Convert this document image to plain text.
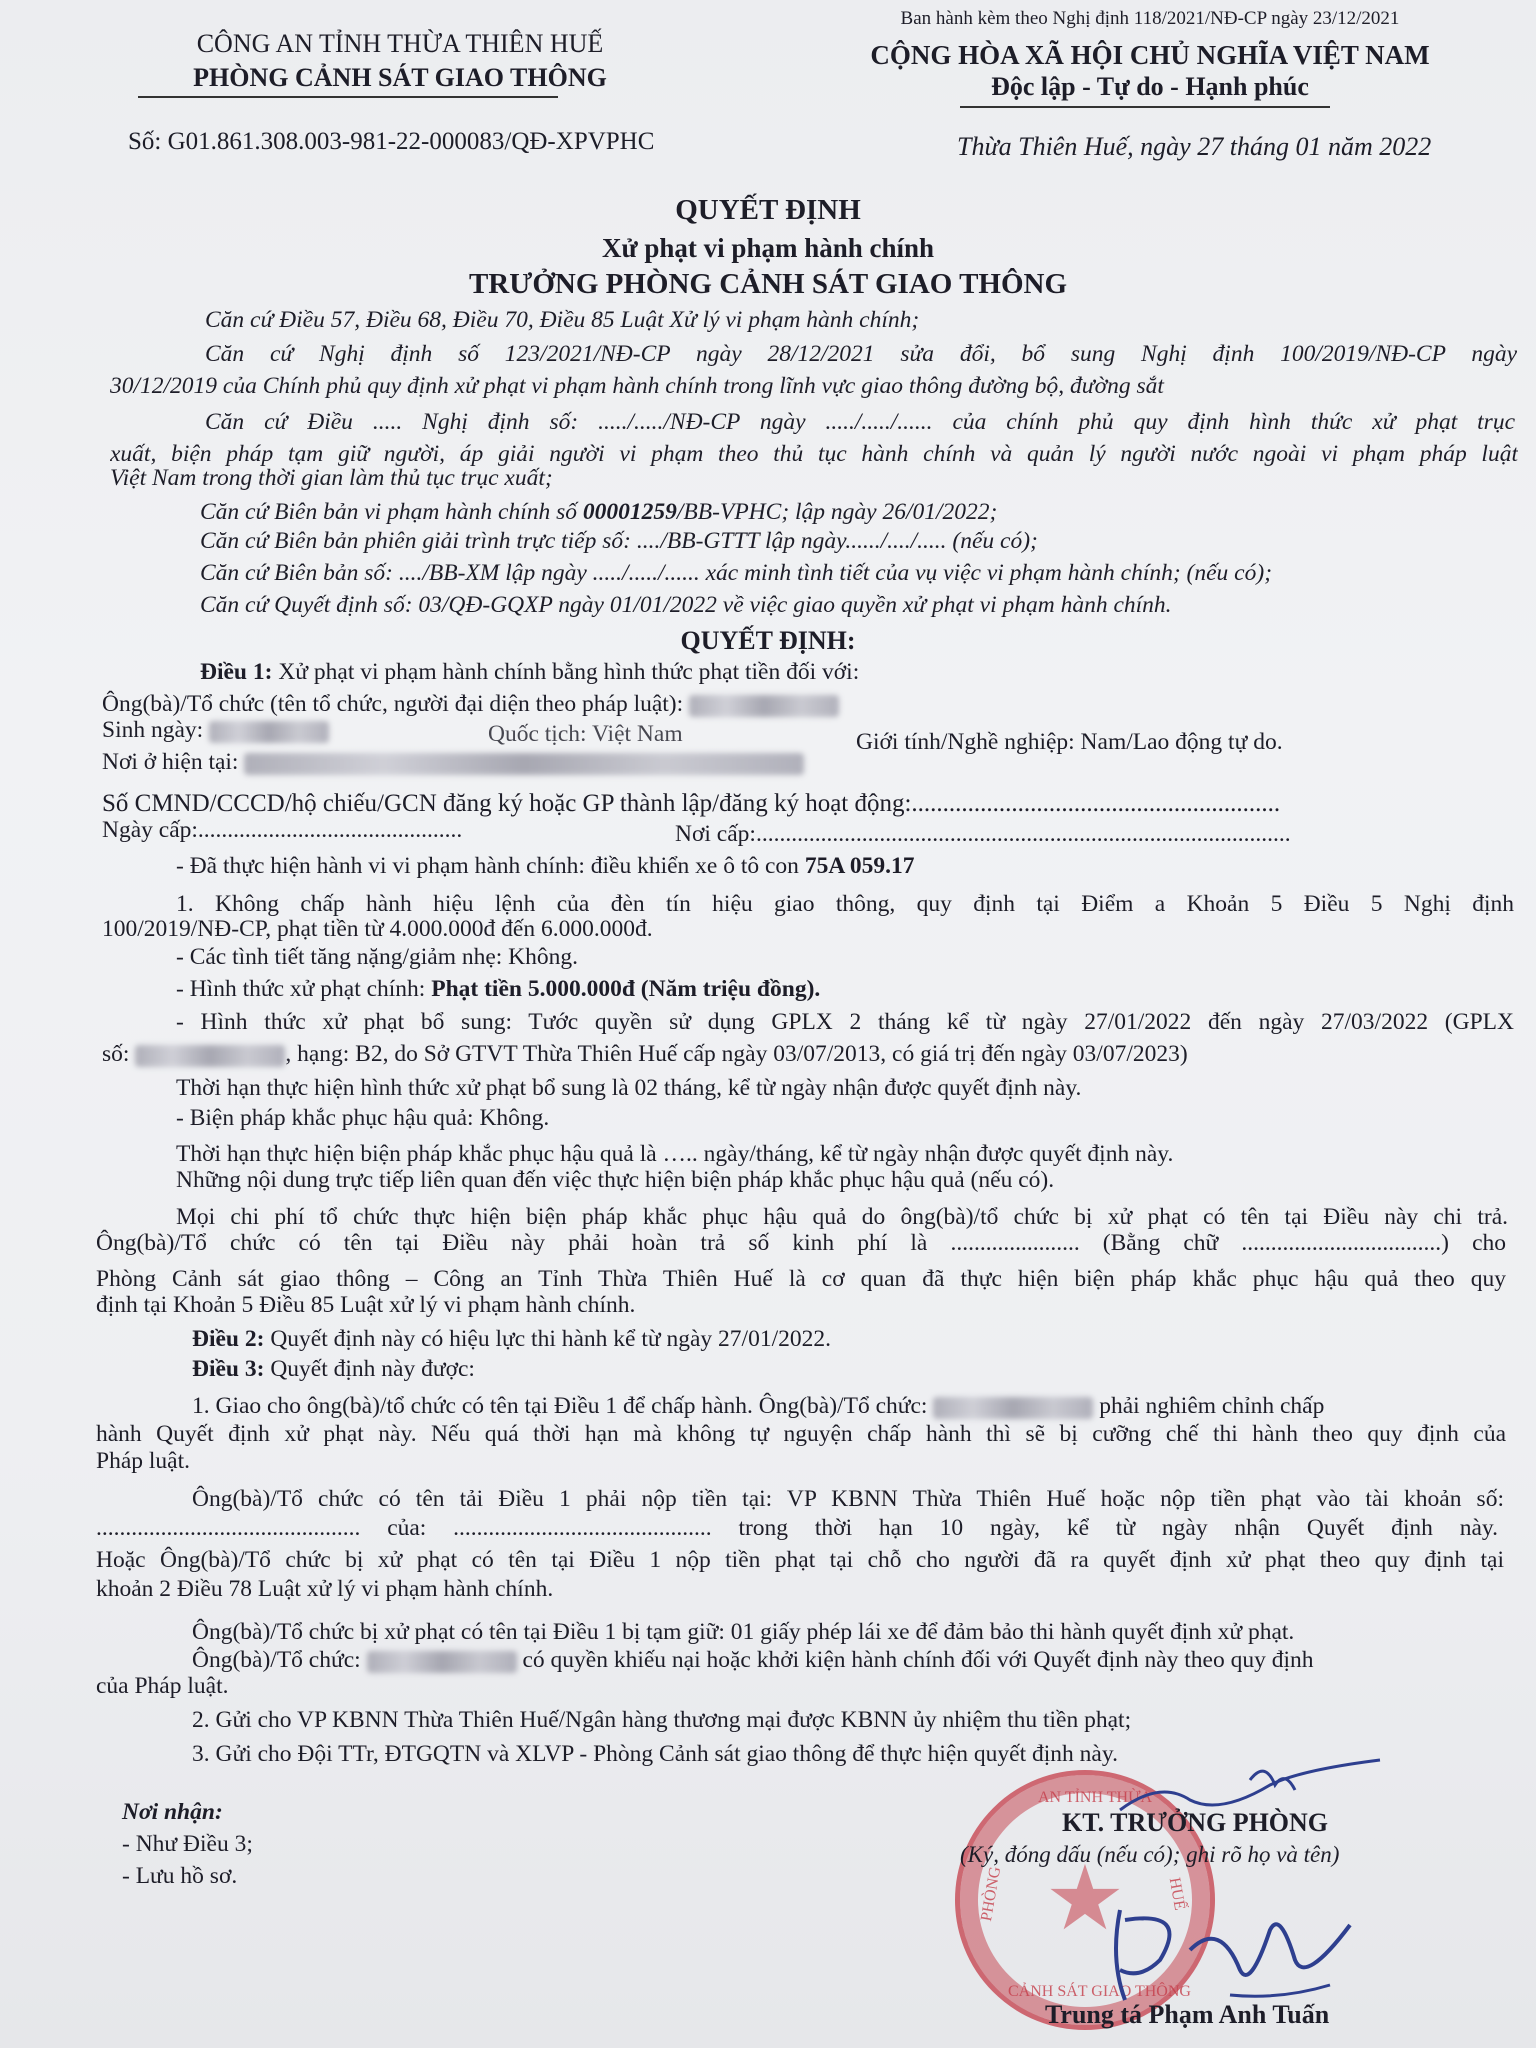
CÔNG AN TỈNH THỪA THIÊN HUẾ
PHÒNG CẢNH SÁT GIAO THÔNG
Số: G01.861.308.003-981-22-000083/QĐ-XPVPHC
Ban hành kèm theo Nghị định 118/2021/NĐ-CP ngày 23/12/2021
CỘNG HÒA XÃ HỘI CHỦ NGHĨA VIỆT NAM
Độc lập - Tự do - Hạnh phúc
Thừa Thiên Huế, ngày 27 tháng 01 năm 2022
QUYẾT ĐỊNH
Xử phạt vi phạm hành chính
TRƯỞNG PHÒNG CẢNH SÁT GIAO THÔNG
Căn cứ Điều 57, Điều 68, Điều 70, Điều 85 Luật Xử lý vi phạm hành chính;
Căn cứ Nghị định số 123/2021/NĐ-CP ngày 28/12/2021 sửa đổi, bổ sung Nghị định 100/2019/NĐ-CP ngày
30/12/2019 của Chính phủ quy định xử phạt vi phạm hành chính trong lĩnh vực giao thông đường bộ, đường sắt
Căn cứ Điều ..... Nghị định số: ...../...../NĐ-CP ngày ...../...../...... của chính phủ quy định hình thức xử phạt trục
xuất, biện pháp tạm giữ người, áp giải người vi phạm theo thủ tục hành chính và quản lý người nước ngoài vi phạm pháp luật
Việt Nam trong thời gian làm thủ tục trục xuất;
Căn cứ Biên bản vi phạm hành chính số 00001259/BB-VPHC; lập ngày 26/01/2022;
Căn cứ Biên bản phiên giải trình trực tiếp số: ..../BB-GTTT lập ngày....../..../..... (nếu có);
Căn cứ Biên bản số: ..../BB-XM lập ngày ...../...../...... xác minh tình tiết của vụ việc vi phạm hành chính; (nếu có);
Căn cứ Quyết định số: 03/QĐ-GQXP ngày 01/01/2022 về việc giao quyền xử phạt vi phạm hành chính.
QUYẾT ĐỊNH:
Điều 1: Xử phạt vi phạm hành chính bằng hình thức phạt tiền đối với:
Ông(bà)/Tổ chức (tên tổ chức, người đại diện theo pháp luật):
Sinh ngày:	Quốc tịch: Việt Nam	Giới tính/Nghề nghiệp: Nam/Lao động tự do.
Nơi ở hiện tại:
Số CMND/CCCD/hộ chiếu/GCN đăng ký hoặc GP thành lập/đăng ký hoạt động:...........................................................
Ngày cấp:.............................................	Nơi cấp:...........................................................................................
- Đã thực hiện hành vi vi phạm hành chính: điều khiển xe ô tô con 75A 059.17
1. Không chấp hành hiệu lệnh của đèn tín hiệu giao thông, quy định tại Điểm a Khoản 5 Điều 5 Nghị định
100/2019/NĐ-CP, phạt tiền từ 4.000.000đ đến 6.000.000đ.
- Các tình tiết tăng nặng/giảm nhẹ: Không.
- Hình thức xử phạt chính: Phạt tiền 5.000.000đ (Năm triệu đồng).
- Hình thức xử phạt bổ sung: Tước quyền sử dụng GPLX 2 tháng kể từ ngày 27/01/2022 đến ngày 27/03/2022 (GPLX
số:	, hạng: B2, do Sở GTVT Thừa Thiên Huế cấp ngày 03/07/2013, có giá trị đến ngày 03/07/2023)
Thời hạn thực hiện hình thức xử phạt bổ sung là 02 tháng, kể từ ngày nhận được quyết định này.
- Biện pháp khắc phục hậu quả: Không.
Thời hạn thực hiện biện pháp khắc phục hậu quả là ….. ngày/tháng, kể từ ngày nhận được quyết định này.
Những nội dung trực tiếp liên quan đến việc thực hiện biện pháp khắc phục hậu quả (nếu có).
Mọi chi phí tổ chức thực hiện biện pháp khắc phục hậu quả do ông(bà)/tổ chức bị xử phạt có tên tại Điều này chi trả.
Ông(bà)/Tổ chức có tên tại Điều này phải hoàn trả số kinh phí là ...................... (Bằng chữ ..................................) cho
Phòng Cảnh sát giao thông – Công an Tỉnh Thừa Thiên Huế là cơ quan đã thực hiện biện pháp khắc phục hậu quả theo quy
định tại Khoản 5 Điều 85 Luật xử lý vi phạm hành chính.
Điều 2: Quyết định này có hiệu lực thi hành kể từ ngày 27/01/2022.
Điều 3: Quyết định này được:
1. Giao cho ông(bà)/tổ chức có tên tại Điều 1 để chấp hành. Ông(bà)/Tổ chức:	phải nghiêm chỉnh chấp
hành Quyết định xử phạt này. Nếu quá thời hạn mà không tự nguyện chấp hành thì sẽ bị cưỡng chế thi hành theo quy định của
Pháp luật.
Ông(bà)/Tổ chức có tên tải Điều 1 phải nộp tiền tại: VP KBNN Thừa Thiên Huế hoặc nộp tiền phạt vào tài khoản số:
............................................. của: ............................................ trong thời hạn 10 ngày, kể từ ngày nhận Quyết định này.
Hoặc Ông(bà)/Tổ chức bị xử phạt có tên tại Điều 1 nộp tiền phạt tại chỗ cho người đã ra quyết định xử phạt theo quy định tại
khoản 2 Điều 78 Luật xử lý vi phạm hành chính.
Ông(bà)/Tổ chức bị xử phạt có tên tại Điều 1 bị tạm giữ: 01 giấy phép lái xe để đảm bảo thi hành quyết định xử phạt.
Ông(bà)/Tổ chức:	có quyền khiếu nại hoặc khởi kiện hành chính đối với Quyết định này theo quy định
của Pháp luật.
2. Gửi cho VP KBNN Thừa Thiên Huế/Ngân hàng thương mại được KBNN ủy nhiệm thu tiền phạt;
3. Gửi cho Đội TTr, ĐTGQTN và XLVP - Phòng Cảnh sát giao thông để thực hiện quyết định này.
Nơi nhận:
- Như Điều 3;
- Lưu hồ sơ.	★
AN TỈNH THỪA
CẢNH SÁT GIAO THÔNG
PHÒNG	HUẾ
KT. TRƯỞNG PHÒNG
(Ký, đóng dấu (nếu có); ghi rõ họ và tên)
Trung tá Phạm Anh Tuấn
